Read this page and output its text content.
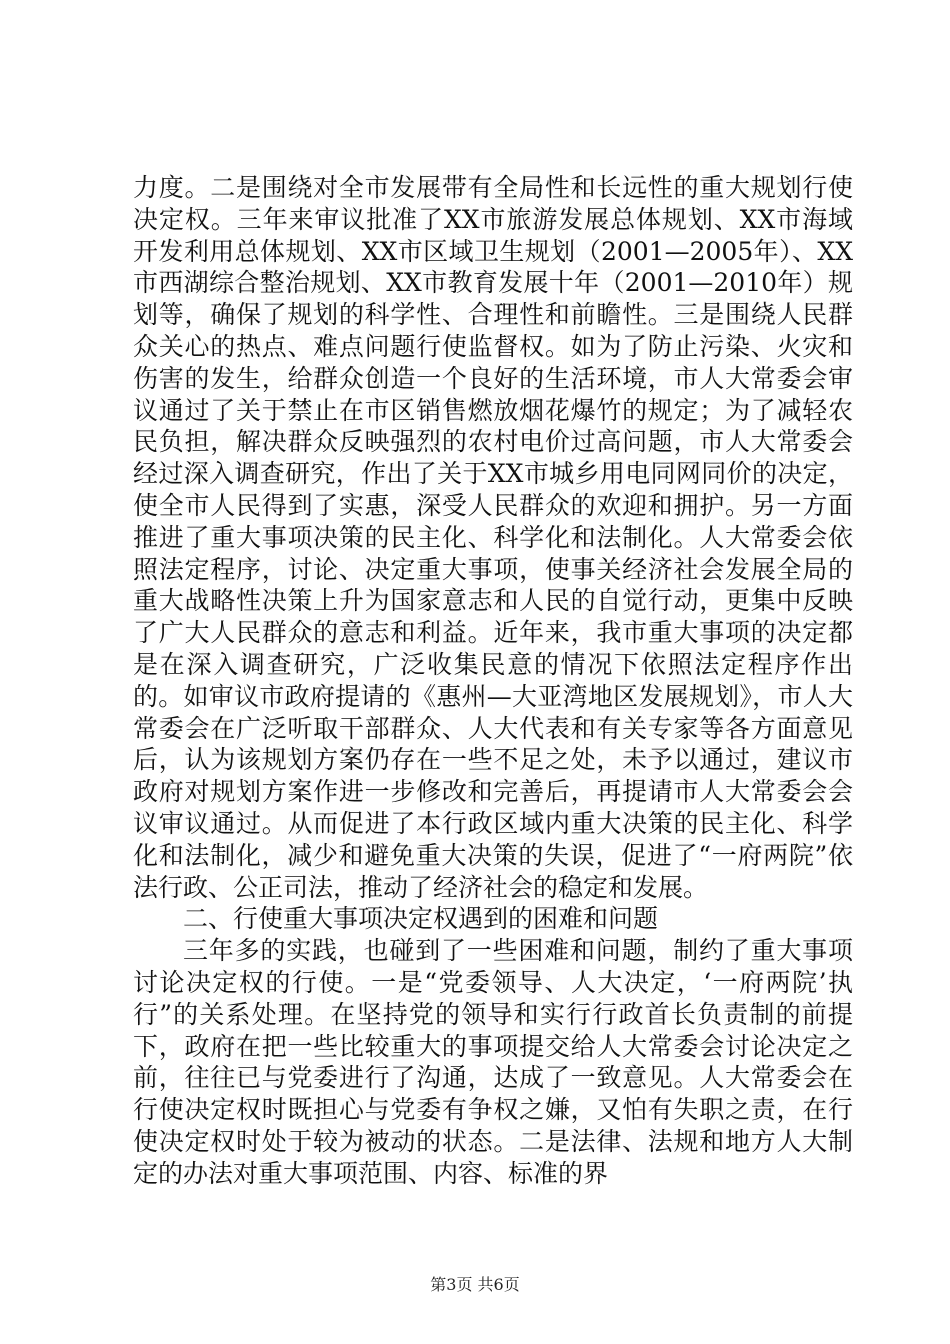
力度。二是围绕对全市发展带有全局性和长远性的重大规划行使决定权。三年来审议批准了XX市旅游发展总体规划、XX市海域开发利用总体规划、XX市区域卫生规划（2001—2005年）、XX市西湖综合整治规划、XX市教育发展十年（2001—2010年）规划等，确保了规划的科学性、合理性和前瞻性。三是围绕人民群众关心的热点、难点问题行使监督权。如为了防止污染、火灾和伤害的发生，给群众创造一个良好的生活环境，市人大常委会审议通过了关于禁止在市区销售燃放烟花爆竹的规定；为了减轻农民负担，解决群众反映强烈的农村电价过高问题，市人大常委会经过深入调查研究，作出了关于XX市城乡用电同网同价的决定，使全市人民得到了实惠，深受人民群众的欢迎和拥护。另一方面推进了重大事项决策的民主化、科学化和法制化。人大常委会依照法定程序，讨论、决定重大事项，使事关经济社会发展全局的重大战略性决策上升为国家意志和人民的自觉行动，更集中反映了广大人民群众的意志和利益。近年来，我市重大事项的决定都是在深入调查研究，广泛收集民意的情况下依照法定程序作出的。如审议市政府提请的《惠州—大亚湾地区发展规划》，市人大常委会在广泛听取干部群众、人大代表和有关专家等各方面意见后，认为该规划方案仍存在一些不足之处，未予以通过，建议市政府对规划方案作进一步修改和完善后，再提请市人大常委会会议审议通过。从而促进了本行政区域内重大决策的民主化、科学化和法制化，减少和避免重大决策的失误，促进了“一府两院”依法行政、公正司法，推动了经济社会的稳定和发展。

二、行使重大事项决定权遇到的困难和问题

三年多的实践，也碰到了一些困难和问题，制约了重大事项讨论决定权的行使。一是“党委领导、人大决定，‘一府两院’执行”的关系处理。在坚持党的领导和实行行政首长负责制的前提下，政府在把一些比较重大的事项提交给人大常委会讨论决定之前，往往已与党委进行了沟通，达成了一致意见。人大常委会在行使决定权时既担心与党委有争权之嫌，又怕有失职之责，在行使决定权时处于较为被动的状态。二是法律、法规和地方人大制定的办法对重大事项范围、内容、标准的界

第3页 共6页
